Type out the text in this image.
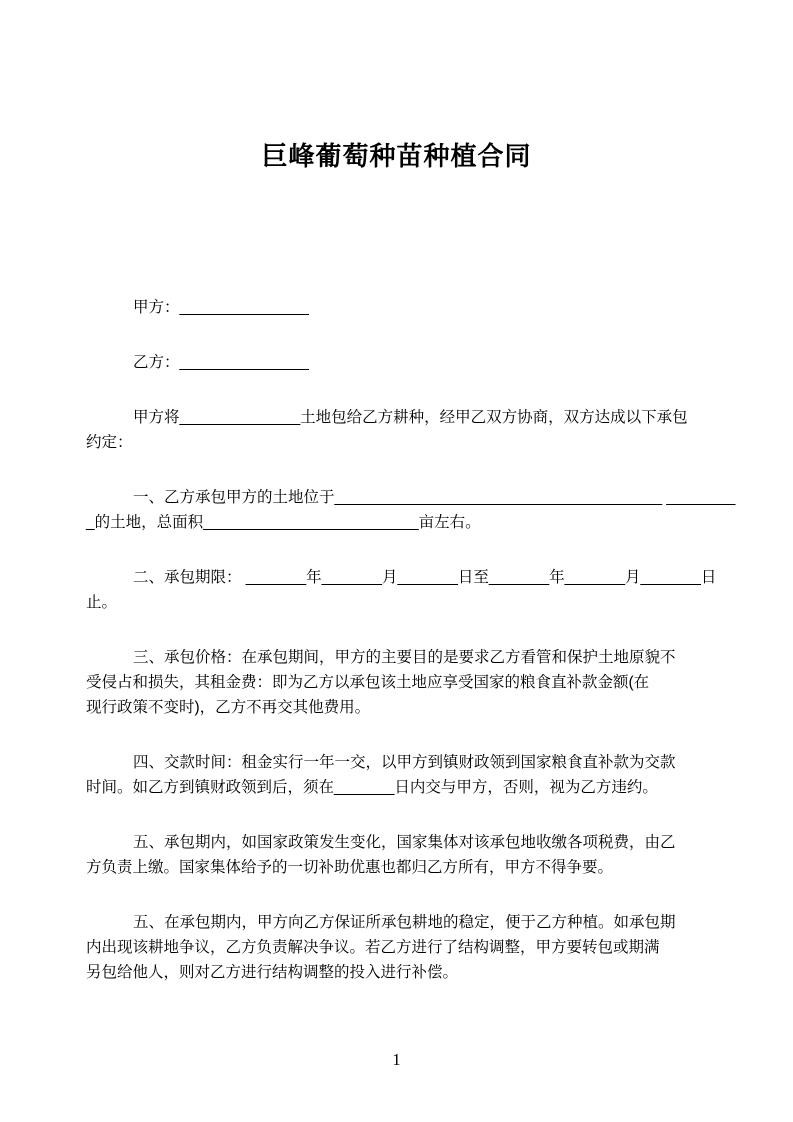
巨峰葡萄种苗种植合同
甲方：_______________
乙方：_______________
甲方将______________土地包给乙方耕种，经甲乙双方协商，双方达成以下承包
约定：
一、乙方承包甲方的土地位于______________________________________ ________
_的土地，总面积_________________________亩左右。
二、承包期限： _______年_______月_______日至_______年_______月_______日
止。
三、承包价格：在承包期间，甲方的主要目的是要求乙方看管和保护土地原貌不
受侵占和损失，其租金费：即为乙方以承包该土地应享受国家的粮食直补款金额(在
现行政策不变时)，乙方不再交其他费用。
四、交款时间：租金实行一年一交，以甲方到镇财政领到国家粮食直补款为交款
时间。如乙方到镇财政领到后，须在_______日内交与甲方，否则，视为乙方违约。
五、承包期内，如国家政策发生变化，国家集体对该承包地收缴各项税费，由乙
方负责上缴。国家集体给予的一切补助优惠也都归乙方所有，甲方不得争要。
五、在承包期内，甲方向乙方保证所承包耕地的稳定，便于乙方种植。如承包期
内出现该耕地争议，乙方负责解决争议。若乙方进行了结构调整，甲方要转包或期满
另包给他人，则对乙方进行结构调整的投入进行补偿。
1
